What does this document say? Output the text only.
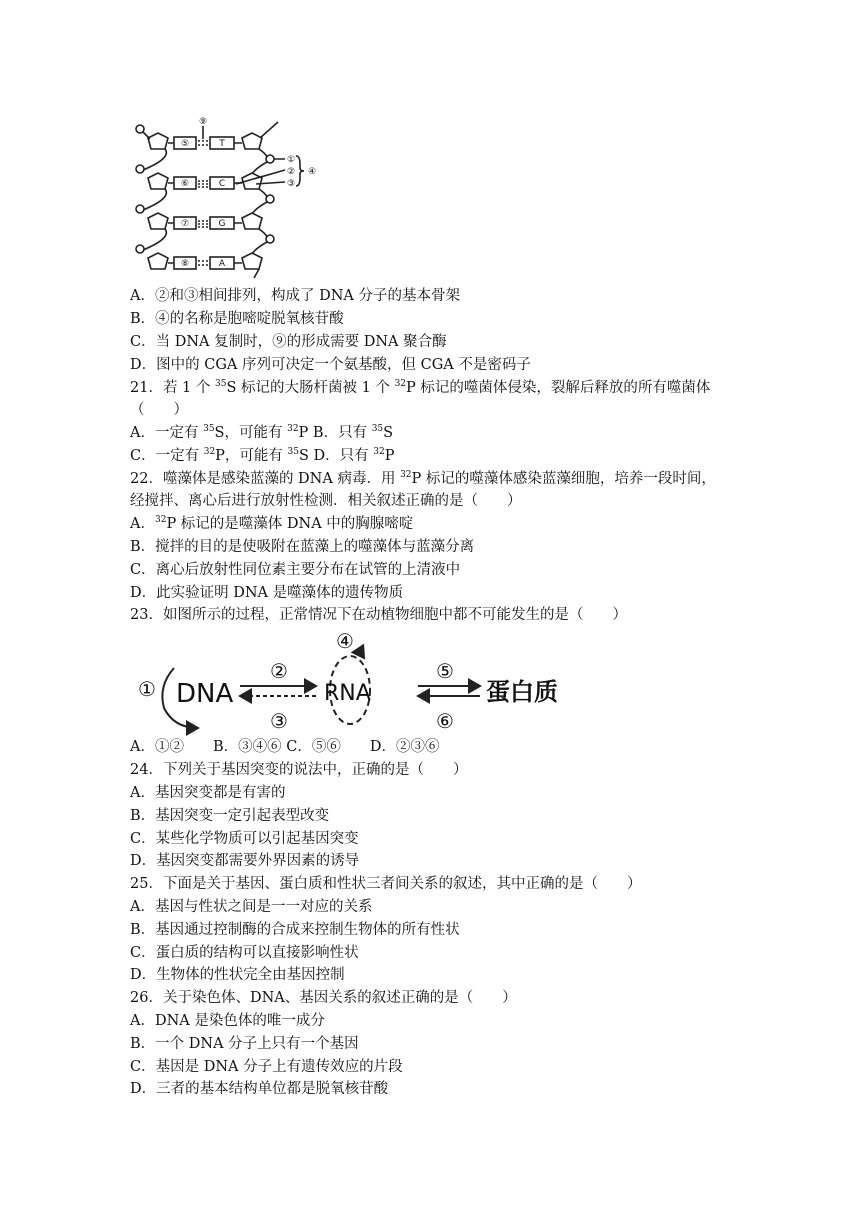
⑤
⑥
⑦
⑧
T
C
G
A
⑨
①
②
③
④
A．②和③相间排列，构成了 DNA 分子的基本骨架
B．④的名称是胞嘧啶脱氧核苷酸
C．当 DNA 复制时，⑨的形成需要 DNA 聚合酶
D．图中的 CGA 序列可决定一个氨基酸，但 CGA 不是密码子
21．若 1 个 $^{35}$S 标记的大肠杆菌被 1 个 $^{32}$P 标记的噬菌体侵染，裂解后释放的所有噬菌体
（　　）
A．一定有 $^{35}$S，可能有 $^{32}$P B．只有 $^{35}$S
C．一定有 $^{32}$P，可能有 $^{35}$S D．只有 $^{32}$P
22．噬藻体是感染蓝藻的 DNA 病毒．用 $^{32}$P 标记的噬藻体感染蓝藻细胞，培养一段时间，
经搅拌、离心后进行放射性检测．相关叙述正确的是（　　）
A．$^{32}$P 标记的是噬藻体 DNA 中的胸腺嘧啶
B．搅拌的目的是使吸附在蓝藻上的噬藻体与蓝藻分离
C．离心后放射性同位素主要分布在试管的上清液中
D．此实验证明 DNA 是噬藻体的遗传物质
23．如图所示的过程，正常情况下在动植物细胞中都不可能发生的是（　　）
① DNA
②
③
④
RNA
⑤
⑥
蛋白质
A．①②　　B．③④⑥ C．⑤⑥　　D．②③⑥
24．下列关于基因突变的说法中，正确的是（　　）
A．基因突变都是有害的
B．基因突变一定引起表型改变
C．某些化学物质可以引起基因突变
D．基因突变都需要外界因素的诱导
25．下面是关于基因、蛋白质和性状三者间关系的叙述，其中正确的是（　　）
A．基因与性状之间是一一对应的关系
B．基因通过控制酶的合成来控制生物体的所有性状
C．蛋白质的结构可以直接影响性状
D．生物体的性状完全由基因控制
26．关于染色体、DNA、基因关系的叙述正确的是（　　）
A．DNA 是染色体的唯一成分
B．一个 DNA 分子上只有一个基因
C．基因是 DNA 分子上有遗传效应的片段
D．三者的基本结构单位都是脱氧核苷酸
